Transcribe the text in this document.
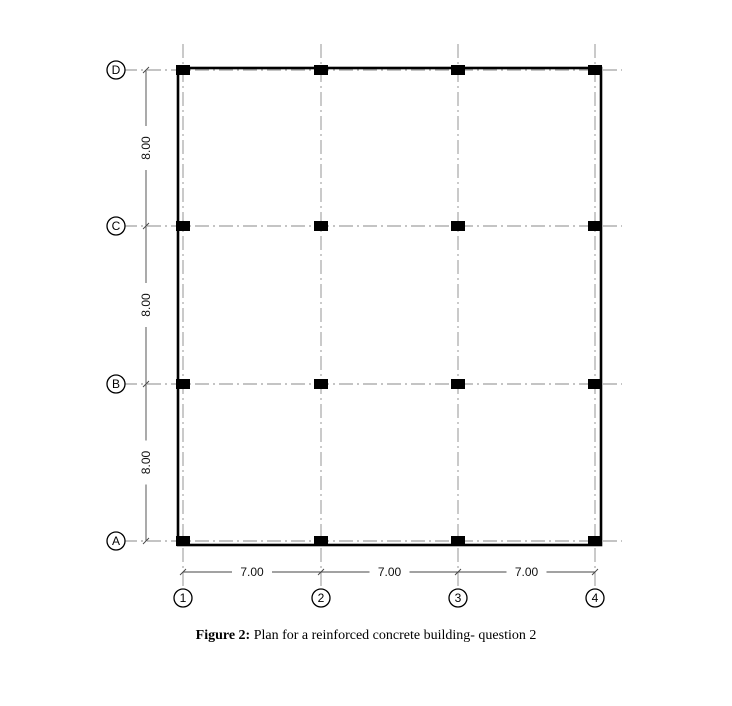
7.00	7.00	7.00
8.00
8.00
8.00
1	2	3	4
A
B
C
D
Figure 2: Plan for a reinforced concrete building- question 2
